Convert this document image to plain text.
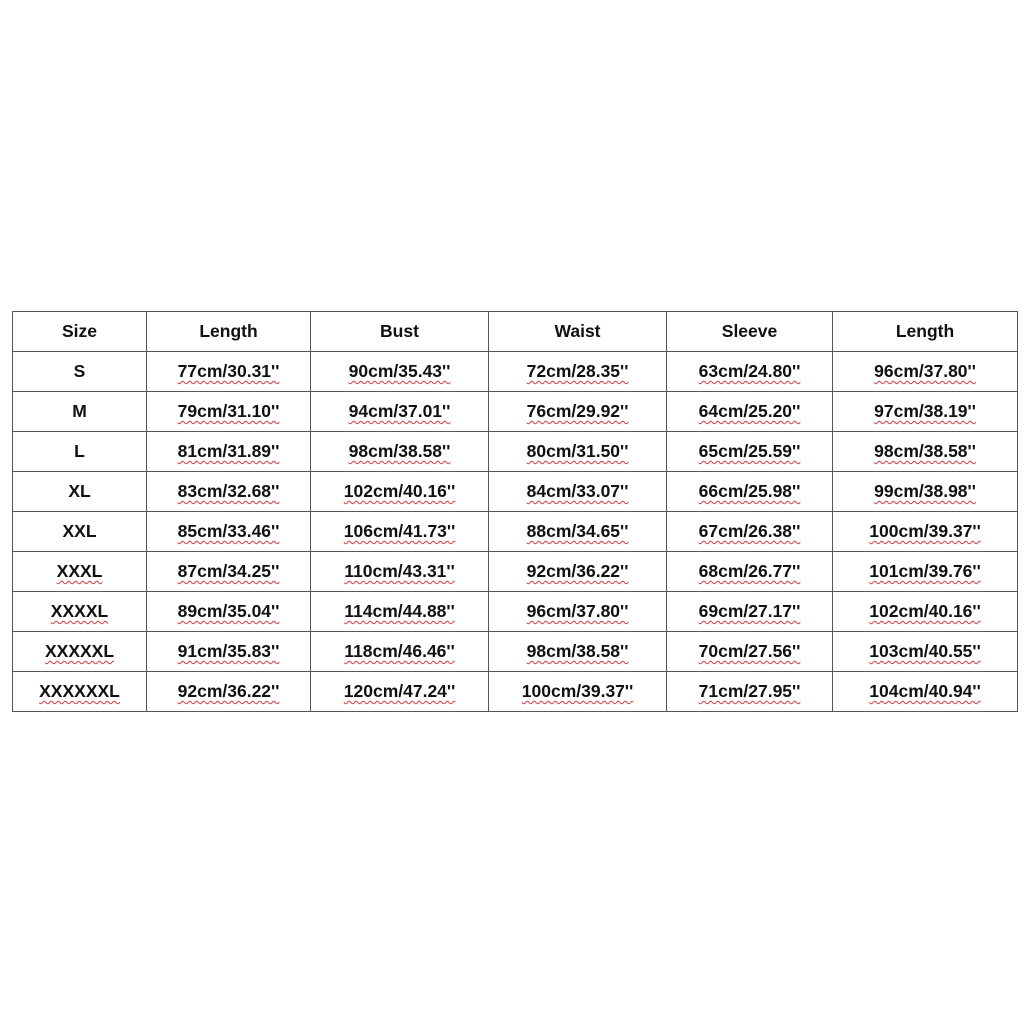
Size	Length	Bust	Waist	Sleeve	Length
S	77cm/30.31''	90cm/35.43''	72cm/28.35''	63cm/24.80''	96cm/37.80''
M	79cm/31.10''	94cm/37.01''	76cm/29.92''	64cm/25.20''	97cm/38.19''
L	81cm/31.89''	98cm/38.58''	80cm/31.50''	65cm/25.59''	98cm/38.58''
XL	83cm/32.68''	102cm/40.16''	84cm/33.07''	66cm/25.98''	99cm/38.98''
XXL	85cm/33.46''	106cm/41.73''	88cm/34.65''	67cm/26.38''	100cm/39.37''
XXXL	87cm/34.25''	110cm/43.31''	92cm/36.22''	68cm/26.77''	101cm/39.76''
XXXXL	89cm/35.04''	114cm/44.88''	96cm/37.80''	69cm/27.17''	102cm/40.16''
XXXXXL	91cm/35.83''	118cm/46.46''	98cm/38.58''	70cm/27.56''	103cm/40.55''
XXXXXXL	92cm/36.22''	120cm/47.24''	100cm/39.37''	71cm/27.95''	104cm/40.94''
